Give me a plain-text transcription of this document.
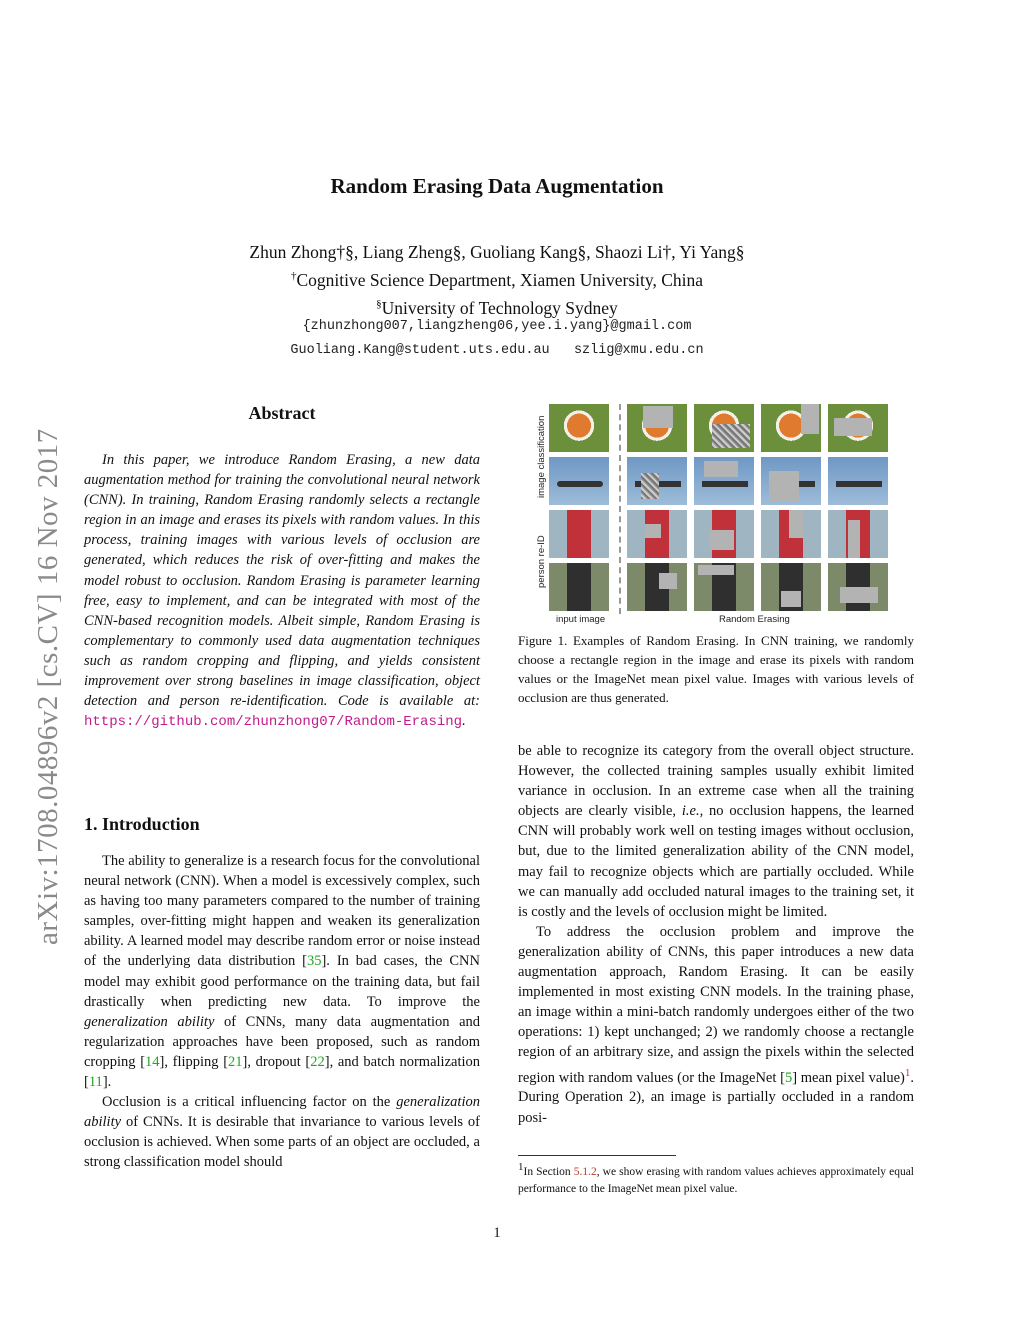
arXiv:1708.04896v2 [cs.CV] 16 Nov 2017
Random Erasing Data Augmentation
Zhun Zhong†§, Liang Zheng§, Guoliang Kang§, Shaozi Li†, Yi Yang§
†Cognitive Science Department, Xiamen University, China
§University of Technology Sydney
{zhunzhong007,liangzheng06,yee.i.yang}@gmail.com
Guoliang.Kang@student.uts.edu.au   szlig@xmu.edu.cn
Abstract
In this paper, we introduce Random Erasing, a new data augmentation method for training the convolutional neural network (CNN). In training, Random Erasing randomly selects a rectangle region in an image and erases its pixels with random values. In this process, training images with various levels of occlusion are generated, which reduces the risk of over-fitting and makes the model robust to occlusion. Random Erasing is parameter learning free, easy to implement, and can be integrated with most of the CNN-based recognition models. Albeit simple, Random Erasing is complementary to commonly used data augmentation techniques such as random cropping and flipping, and yields consistent improvement over strong baselines in image classification, object detection and person re-identification. Code is available at: https://github.com/zhunzhong07/Random-Erasing.
1. Introduction

The ability to generalize is a research focus for the convolutional neural network (CNN). When a model is excessively complex, such as having too many parameters compared to the number of training samples, over-fitting might happen and weaken its generalization ability. A learned model may describe random error or noise instead of the underlying data distribution [35]. In bad cases, the CNN model may exhibit good performance on the training data, but fail drastically when predicting new data. To improve the generalization ability of CNNs, many data augmentation and regularization approaches have been proposed, such as random cropping [14], flipping [21], dropout [22], and batch normalization [11].

Occlusion is a critical influencing factor on the generalization ability of CNNs. It is desirable that invariance to various levels of occlusion is achieved. When some parts of an object are occluded, a strong classification model should

image classification
person re-ID
input image	Random Erasing
Figure 1. Examples of Random Erasing. In CNN training, we randomly choose a rectangle region in the image and erase its pixels with random values or the ImageNet mean pixel value. Images with various levels of occlusion are thus generated.

be able to recognize its category from the overall object structure. However, the collected training samples usually exhibit limited variance in occlusion. In an extreme case when all the training objects are clearly visible, i.e., no occlusion happens, the learned CNN will probably work well on testing images without occlusion, but, due to the limited generalization ability of the CNN model, may fail to recognize objects which are partially occluded. While we can manually add occluded natural images to the training set, it is costly and the levels of occlusion might be limited.

To address the occlusion problem and improve the generalization ability of CNNs, this paper introduces a new data augmentation approach, Random Erasing. It can be easily implemented in most existing CNN models. In the training phase, an image within a mini-batch randomly undergoes either of the two operations: 1) kept unchanged; 2) we randomly choose a rectangle region of an arbitrary size, and assign the pixels within the selected region with random values (or the ImageNet [5] mean pixel value)$^1$. During Operation 2), an image is partially occluded in a random posi-

$^1$In Section 5.1.2, we show erasing with random values achieves approximately equal performance to the ImageNet mean pixel value.
1
